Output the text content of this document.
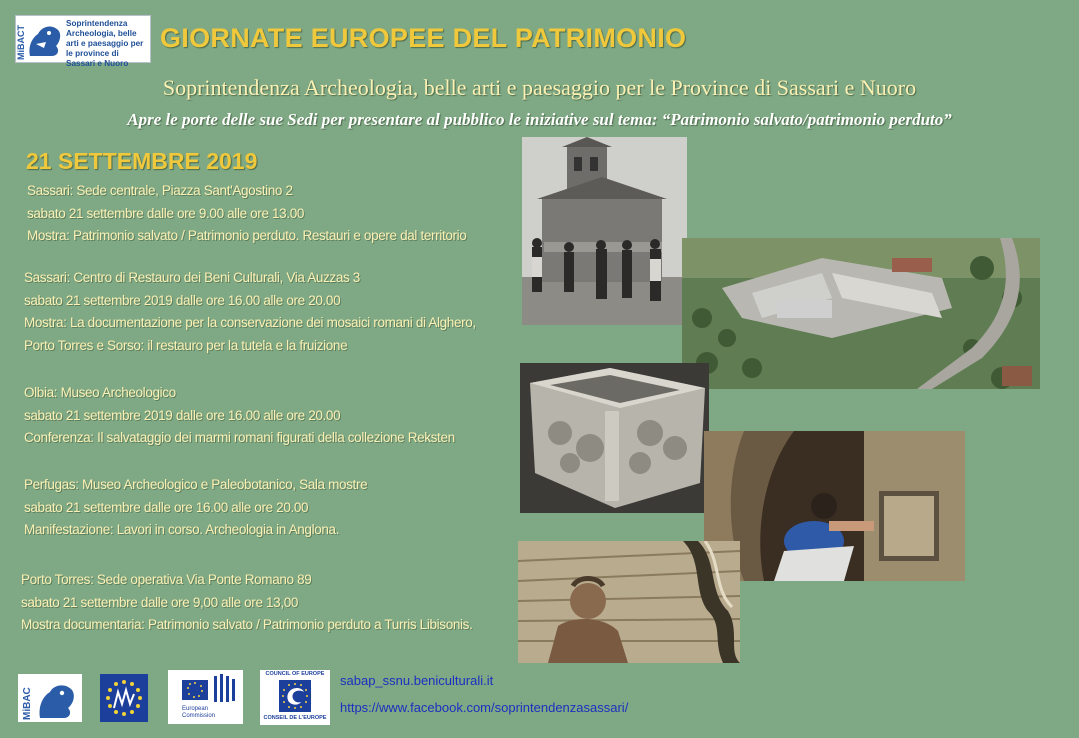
MiBACT
Soprintendenza Archeologia, belle arti e paesaggio per le province di Sassari e Nuoro
GIORNATE EUROPEE DEL PATRIMONIO
Soprintendenza Archeologia, belle arti e paesaggio per le Province di Sassari e Nuoro
Apre le porte delle sue Sedi per presentare al pubblico le iniziative sul tema: “Patrimonio salvato/patrimonio perduto”
21 SETTEMBRE 2019
Sassari: Sede centrale, Piazza Sant'Agostino 2
sabato 21 settembre dalle ore 9.00 alle ore 13.00
Mostra: Patrimonio salvato / Patrimonio perduto. Restauri e opere dal territorio
Sassari: Centro di Restauro dei Beni Culturali, Via Auzzas 3
sabato 21 settembre 2019 dalle ore 16.00 alle ore 20.00
Mostra: La documentazione per la conservazione dei mosaici romani di Alghero,
Porto Torres e Sorso: il restauro per la tutela e la fruizione
Olbia: Museo Archeologico
sabato 21 settembre 2019 dalle ore 16.00 alle ore 20.00
Conferenza: Il salvataggio dei marmi romani figurati della collezione Reksten
Perfugas: Museo Archeologico e Paleobotanico, Sala mostre
sabato 21 settembre dalle ore 16.00 alle ore 20.00
Manifestazione: Lavori in corso. Archeologia in Anglona.
Porto Torres: Sede operativa Via Ponte Romano 89
sabato 21 settembre dalle ore 9,00 alle ore 13,00
Mostra documentaria: Patrimonio salvato / Patrimonio perduto a Turris Libisonis.
MiBAC	European Commission
COUNCIL OF EUROPE
CONSEIL DE L'EUROPE
sabap_ssnu.beniculturali.it
https://www.facebook.com/soprintendenzasassari/
